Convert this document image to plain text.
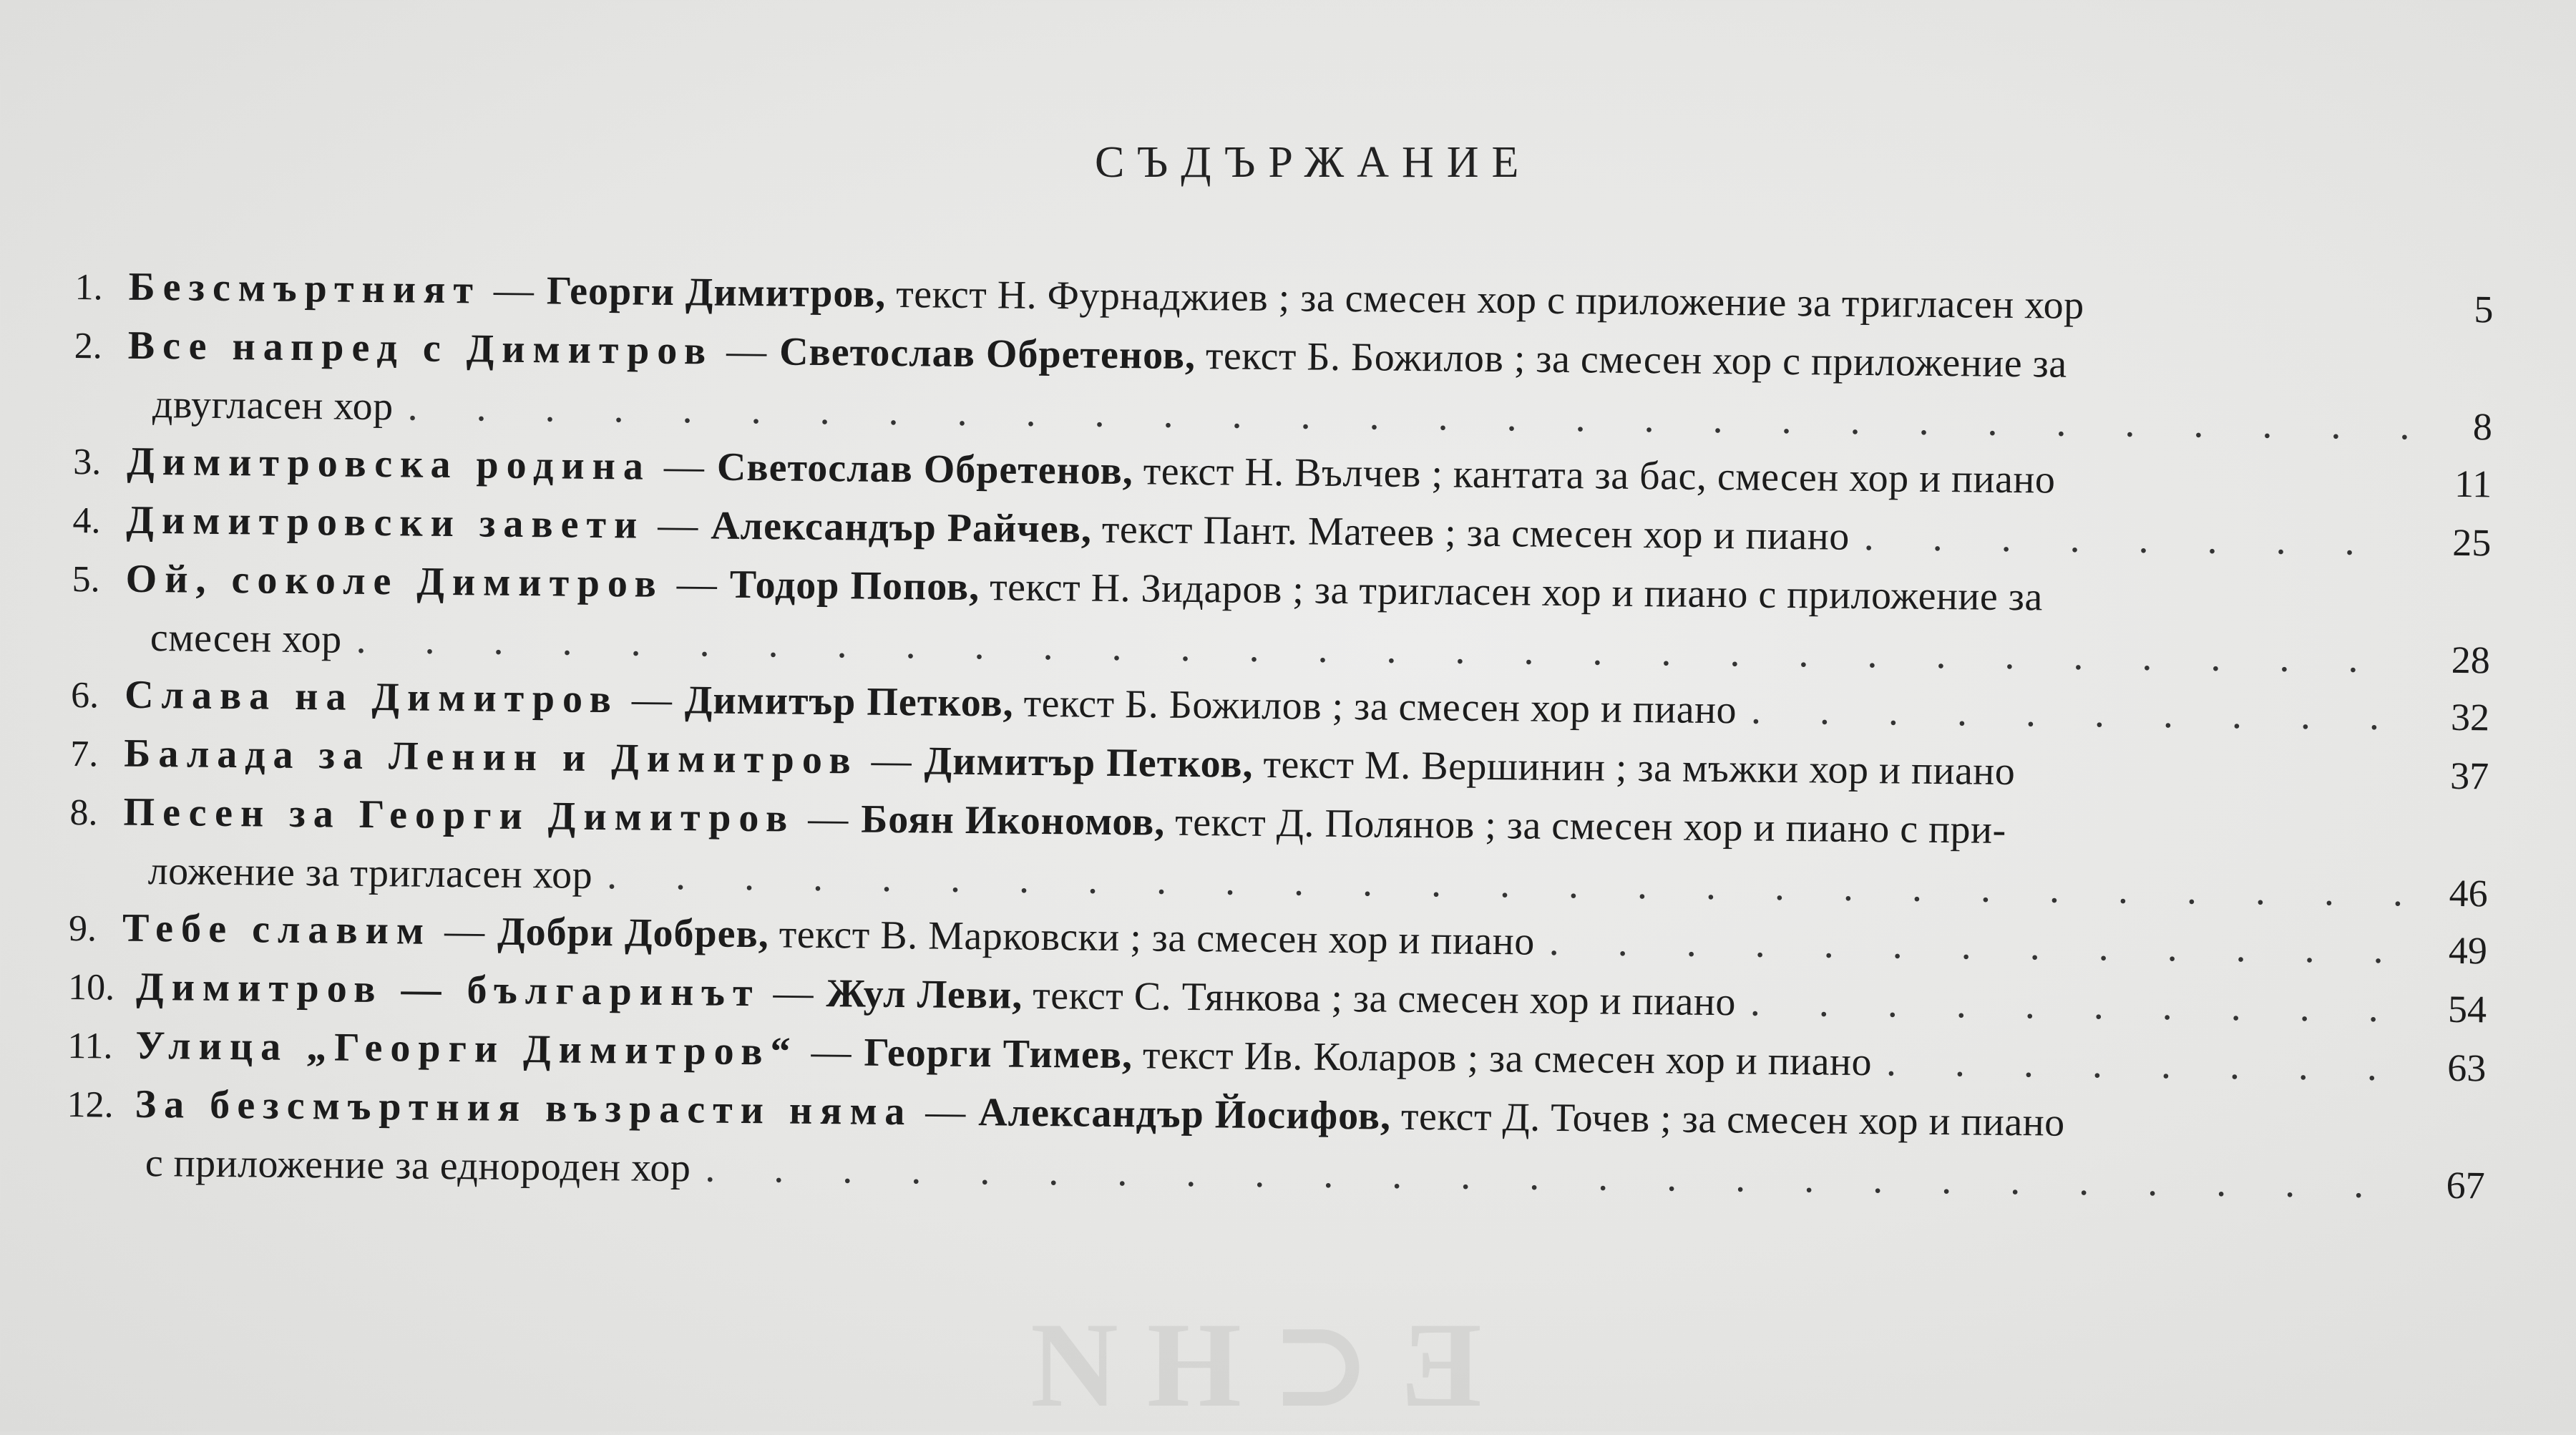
СЪДЪРЖАНИЕ
1. Безсмъртният — Георги Димитров,
текст Н. Фурнаджиев ; за смесен хор с приложение за тригласен хор	5
2. Все напред с Димитров — Светослав Обретенов,
текст Б. Божилов ; за смесен хор с приложение за
двугласен хор . . .	8
3. Димитровска родина — Светослав Обретенов,
текст Н. Вълчев ; кантата за бас, смесен хор и пиано	11
4. Димитровски завети — Александър Райчев,
текст Пант. Матеев ; за смесен хор и пиано . . .	25
5. Ой, соколе Димитров — Тодор Попов,
текст Н. Зидаров ; за тригласен хор и пиано с приложение за
смесен хор . . .	28
6. Слава на Димитров — Димитър Петков,
текст Б. Божилов ; за смесен хор и пиано . . .	32
7. Балада за Ленин и Димитров — Димитър Петков,
текст М. Вершинин ; за мъжки хор и пиано	37
8. Песен за Георги Димитров — Боян Икономов,
текст Д. Полянов ; за смесен хор и пиано с при-
ложение за тригласен хор . . .	46
9. Тебе славим — Добри Добрев,
текст В. Марковски ; за смесен хор и пиано . . .	49
10. Димитров — българинът — Жул Леви,
текст С. Тянкова ; за смесен хор и пиано . . .	54
11. Улица „Георги Димитров“ — Георги Тимев,
текст Ив. Коларов ; за смесен хор и пиано . . .	63
12. За безсмъртния възрасти няма — Александър Йосифов,
текст Д. Точев ; за смесен хор и пиано
с приложение за еднороден хор . . .	67
NH⊃Ǝ
